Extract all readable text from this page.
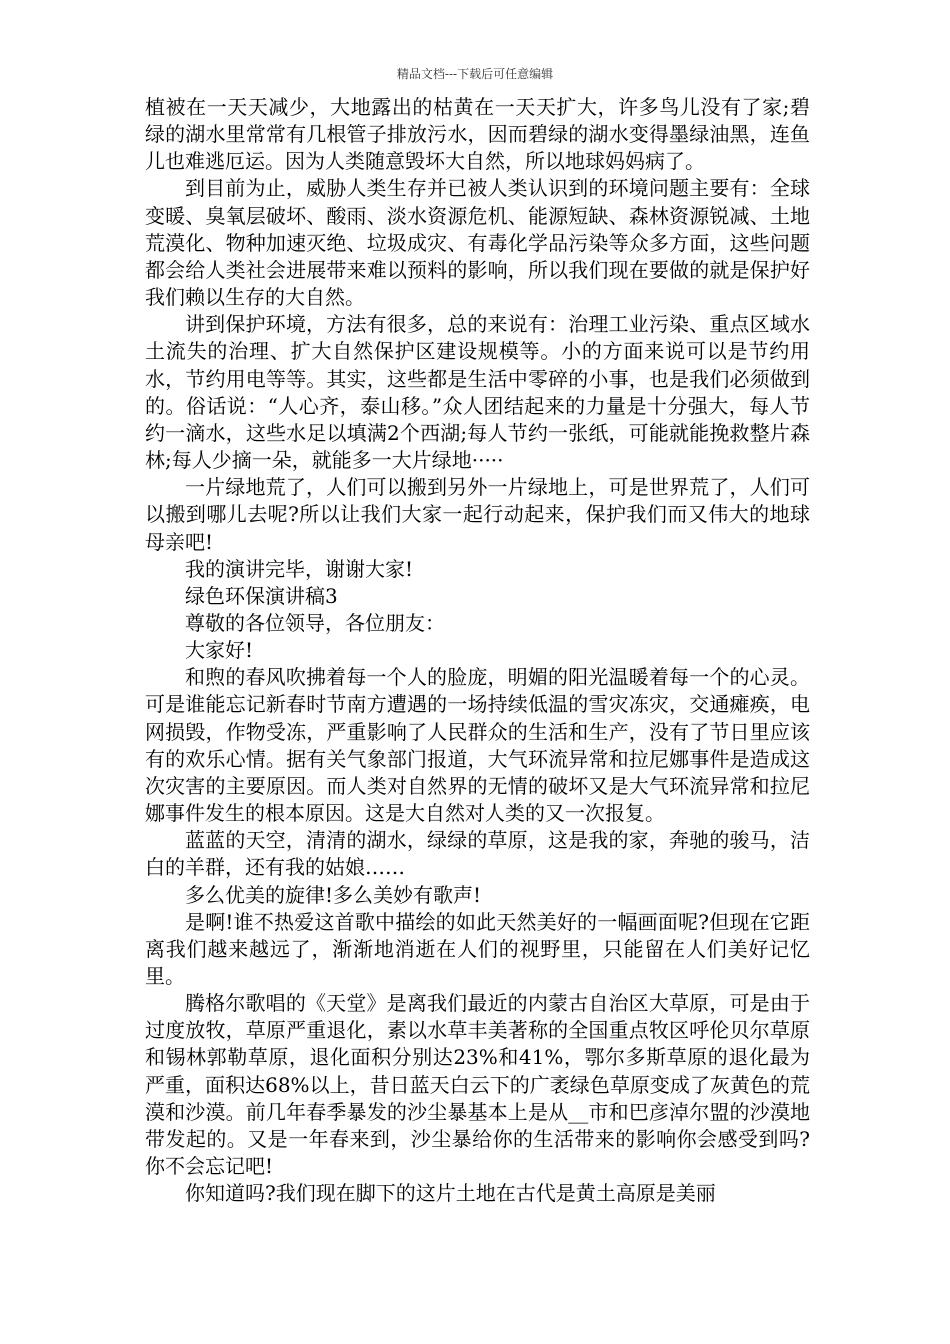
精品文档---下载后可任意编辑

植被在一天天减少，大地露出的枯黄在一天天扩大，许多鸟儿没有了家;碧绿的湖水里常常有几根管子排放污水，因而碧绿的湖水变得墨绿油黑，连鱼儿也难逃厄运。因为人类随意毁坏大自然，所以地球妈妈病了。

到目前为止，威胁人类生存并已被人类认识到的环境问题主要有：全球变暖、臭氧层破坏、酸雨、淡水资源危机、能源短缺、森林资源锐减、土地荒漠化、物种加速灭绝、垃圾成灾、有毒化学品污染等众多方面，这些问题都会给人类社会进展带来难以预料的影响，所以我们现在要做的就是保护好我们赖以生存的大自然。

讲到保护环境，方法有很多，总的来说有：治理工业污染、重点区域水土流失的治理、扩大自然保护区建设规模等。小的方面来说可以是节约用水，节约用电等等。其实，这些都是生活中零碎的小事，也是我们必须做到的。俗话说：“人心齐，泰山移。”众人团结起来的力量是十分强大，每人节约一滴水，这些水足以填满2个西湖;每人节约一张纸，可能就能挽救整片森林;每人少摘一朵，就能多一大片绿地·····

一片绿地荒了，人们可以搬到另外一片绿地上，可是世界荒了，人们可以搬到哪儿去呢?所以让我们大家一起行动起来，保护我们而又伟大的地球母亲吧!

我的演讲完毕，谢谢大家!

绿色环保演讲稿3

尊敬的各位领导，各位朋友：

大家好!

和煦的春风吹拂着每一个人的脸庞，明媚的阳光温暖着每一个的心灵。可是谁能忘记新春时节南方遭遇的一场持续低温的雪灾冻灾，交通瘫痪，电网损毁，作物受冻，严重影响了人民群众的生活和生产，没有了节日里应该有的欢乐心情。据有关气象部门报道，大气环流异常和拉尼娜事件是造成这次灾害的主要原因。而人类对自然界的无情的破坏又是大气环流异常和拉尼娜事件发生的根本原因。这是大自然对人类的又一次报复。

蓝蓝的天空，清清的湖水，绿绿的草原，这是我的家，奔驰的骏马，洁白的羊群，还有我的姑娘……

多么优美的旋律!多么美妙有歌声!

是啊!谁不热爱这首歌中描绘的如此天然美好的一幅画面呢?但现在它距离我们越来越远了，渐渐地消逝在人们的视野里，只能留在人们美好记忆里。

腾格尔歌唱的《天堂》是离我们最近的内蒙古自治区大草原，可是由于过度放牧，草原严重退化，素以水草丰美著称的全国重点牧区呼伦贝尔草原和锡林郭勒草原，退化面积分别达23%和41%，鄂尔多斯草原的退化最为严重，面积达68%以上，昔日蓝天白云下的广袤绿色草原变成了灰黄色的荒漠和沙漠。前几年春季暴发的沙尘暴基本上是从__市和巴彦淖尔盟的沙漠地带发起的。又是一年春来到，沙尘暴给你的生活带来的影响你会感受到吗?你不会忘记吧!

你知道吗?我们现在脚下的这片土地在古代是黄土高原是美丽
